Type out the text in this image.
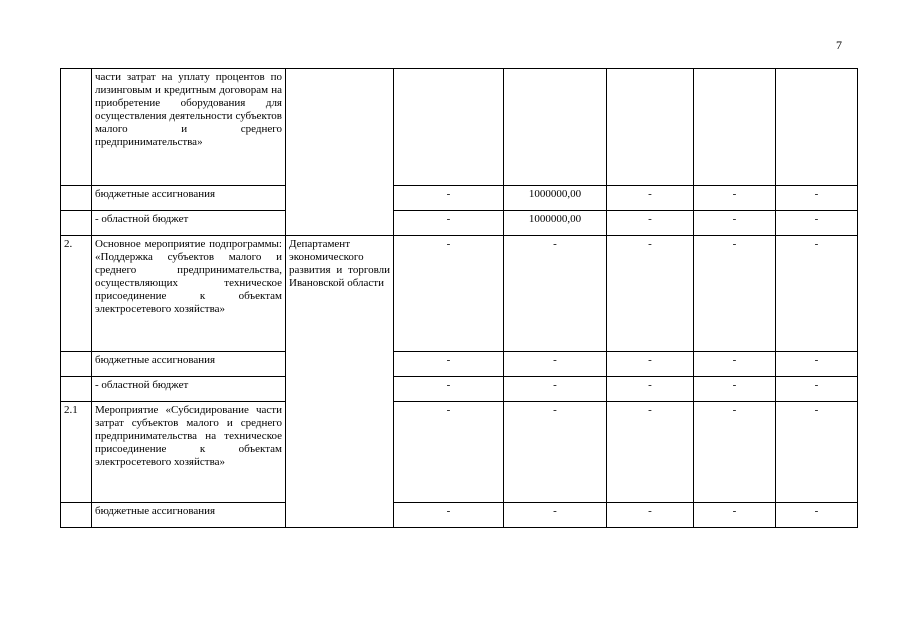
7
	части затрат на уплату процентов по лизинговым и кредитным договорам на приобретение оборудования для осуществления деятельности субъектов малого и среднего предпринимательства»						
	бюджетные ассигнования		-	1000000,00	-	-	-
	- областной бюджет		-	1000000,00	-	-	-
2.	Основное мероприятие подпрограммы: «Поддержка субъектов малого и среднего предпринимательства, осуществляющих техническое присоединение к объектам электросетевого хозяйства»	Департамент экономического развития и торговли Ивановской области	-	-	-	-	-
	бюджетные ассигнования		-	-	-	-	-
	- областной бюджет		-	-	-	-	-
2.1	Мероприятие «Субсидирование части затрат субъектов малого и среднего предпринимательства на техническое присоединение к объектам электросетевого хозяйства»		-	-	-	-	-
	бюджетные ассигнования		-	-	-	-	-
